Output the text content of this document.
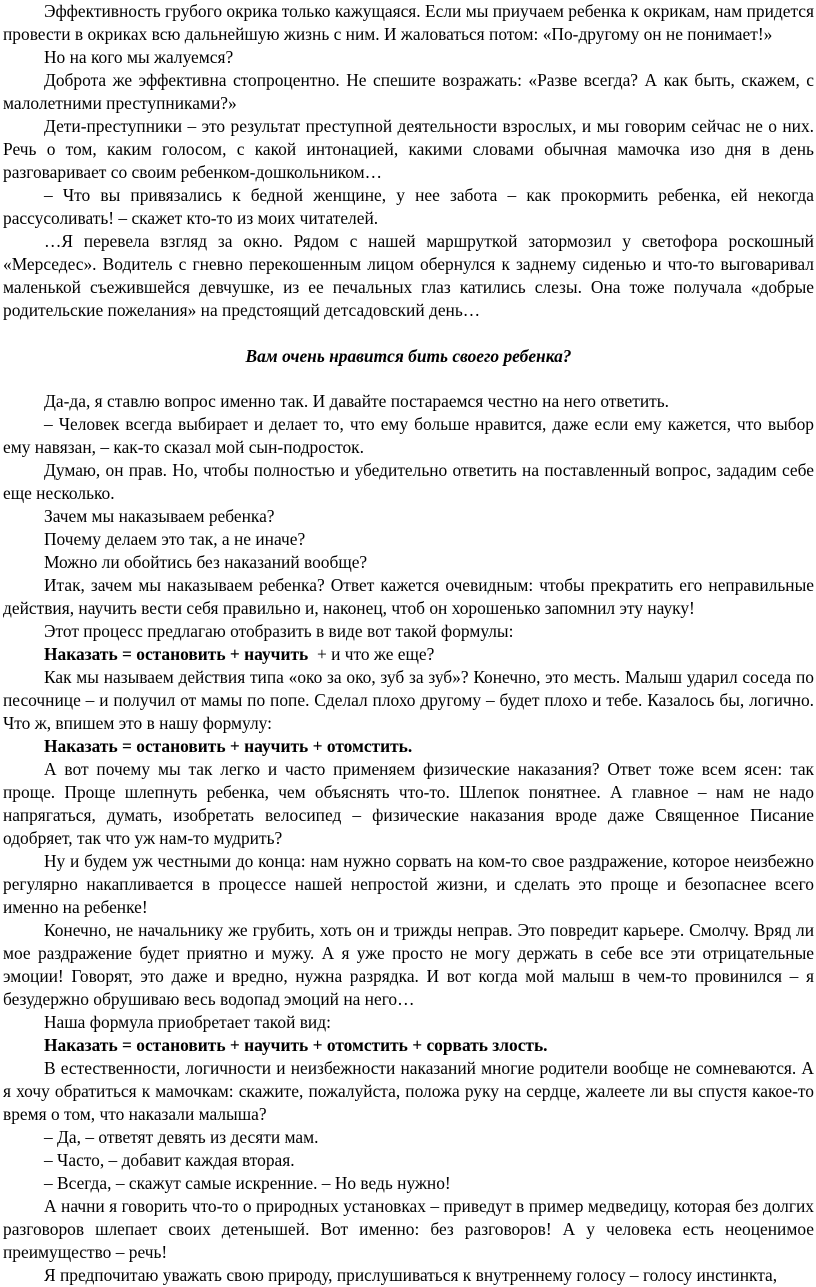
Эффективность грубого окрика только кажущаяся. Если мы приучаем ребенка к окрикам, нам придется провести в окриках всю дальнейшую жизнь с ним. И жаловаться потом: «По-другому он не понимает!»

Но на кого мы жалуемся?

Доброта же эффективна стопроцентно. Не спешите возражать: «Разве всегда? А как быть, скажем, с малолетними преступниками?»

Дети-преступники – это результат преступной деятельности взрослых, и мы говорим сейчас не о них. Речь о том, каким голосом, с какой интонацией, какими словами обычная мамочка изо дня в день разговаривает со своим ребенком-дошкольником…

– Что вы привязались к бедной женщине, у нее забота – как прокормить ребенка, ей некогда рассусоливать! – скажет кто-то из моих читателей.

…Я перевела взгляд за окно. Рядом с нашей маршруткой затормозил у светофора роскошный «Мерседес». Водитель с гневно перекошенным лицом обернулся к заднему сиденью и что-то выговаривал маленькой съежившейся девчушке, из ее печальных глаз катились слезы. Она тоже получала «добрые родительские пожелания» на предстоящий детсадовский день…

Вам очень нравится бить своего ребенка?

Да-да, я ставлю вопрос именно так. И давайте постараемся честно на него ответить.

– Человек всегда выбирает и делает то, что ему больше нравится, даже если ему кажется, что выбор ему навязан, – как-то сказал мой сын-подросток.

Думаю, он прав. Но, чтобы полностью и убедительно ответить на поставленный вопрос, зададим себе еще несколько.

Зачем мы наказываем ребенка?

Почему делаем это так, а не иначе?

Можно ли обойтись без наказаний вообще?

Итак, зачем мы наказываем ребенка? Ответ кажется очевидным: чтобы прекратить его неправильные действия, научить вести себя правильно и, наконец, чтоб он хорошенько запомнил эту науку!

Этот процесс предлагаю отобразить в виде вот такой формулы:

Наказать = остановить + научить  + и что же еще?

Как мы называем действия типа «око за око, зуб за зуб»? Конечно, это месть. Малыш ударил соседа по песочнице – и получил от мамы по попе. Сделал плохо другому – будет плохо и тебе. Казалось бы, логично. Что ж, впишем это в нашу формулу:

Наказать = остановить + научить + отомстить.

А вот почему мы так легко и часто применяем физические наказания? Ответ тоже всем ясен: так проще. Проще шлепнуть ребенка, чем объяснять что-то. Шлепок понятнее. А главное – нам не надо напрягаться, думать, изобретать велосипед – физические наказания вроде даже Священное Писание одобряет, так что уж нам-то мудрить?

Ну и будем уж честными до конца: нам нужно сорвать на ком-то свое раздражение, которое неизбежно регулярно накапливается в процессе нашей непростой жизни, и сделать это проще и безопаснее всего именно на ребенке!

Конечно, не начальнику же грубить, хоть он и трижды неправ. Это повредит карьере. Смолчу. Вряд ли мое раздражение будет приятно и мужу. А я уже просто не могу держать в себе все эти отрицательные эмоции! Говорят, это даже и вредно, нужна разрядка. И вот когда мой малыш в чем-то провинился – я безудержно обрушиваю весь водопад эмоций на него…

Наша формула приобретает такой вид:

Наказать = остановить + научить + отомстить + сорвать злость.

В естественности, логичности и неизбежности наказаний многие родители вообще не сомневаются. А я хочу обратиться к мамочкам: скажите, пожалуйста, положа руку на сердце, жалеете ли вы спустя какое-то время о том, что наказали малыша?

– Да, – ответят девять из десяти мам.

– Часто, – добавит каждая вторая.

– Всегда, – скажут самые искренние. – Но ведь нужно!

А начни я говорить что-то о природных установках – приведут в пример медведицу, которая без долгих разговоров шлепает своих детенышей. Вот именно: без разговоров! А у человека есть неоценимое преимущество – речь!

Я предпочитаю уважать свою природу, прислушиваться к внутреннему голосу – голосу инстинкта,
